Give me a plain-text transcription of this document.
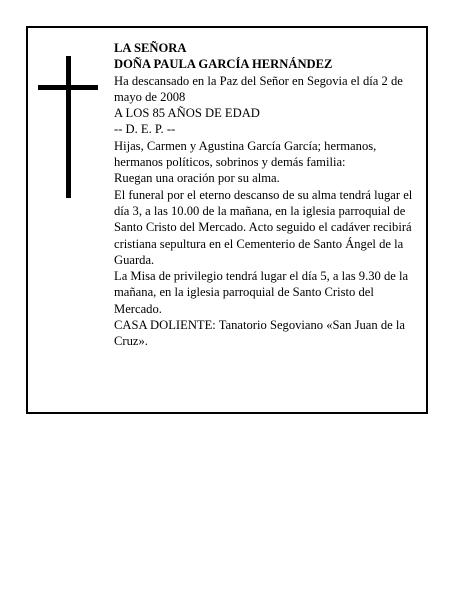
LA SEÑORA

DOÑA PAULA GARCÍA HERNÁNDEZ

Ha descansado en la Paz del Señor en Segovia el día 2 de mayo de 2008

A LOS 85 AÑOS DE EDAD

-- D. E. P. --

Hijas, Carmen y Agustina García García; hermanos, hermanos políticos, sobrinos y demás familia:

Ruegan una oración por su alma.

El funeral por el eterno descanso de su alma tendrá lugar el día 3, a las 10.00 de la mañana, en la iglesia parroquial de Santo Cristo del Mercado. Acto seguido el cadáver recibirá cristiana sepultura en el Cementerio de Santo Ángel de la Guarda.

La Misa de privilegio tendrá lugar el día 5, a las 9.30 de la mañana, en la iglesia parroquial de Santo Cristo del Mercado.

CASA DOLIENTE: Tanatorio Segoviano «San Juan de la Cruz».
